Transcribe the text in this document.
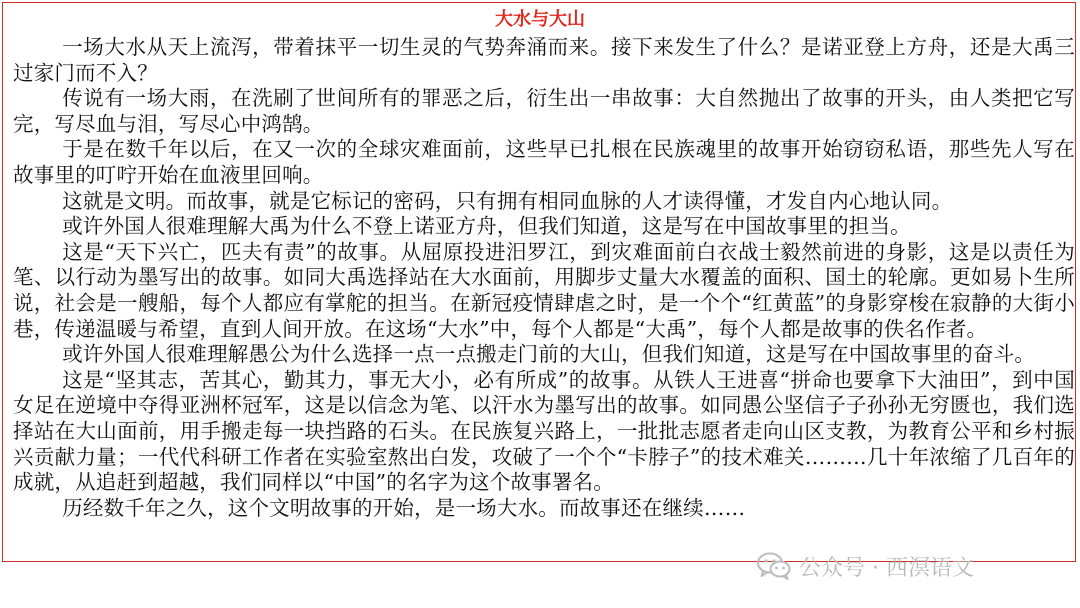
大水与大山

一场大水从天上流泻，带着抹平一切生灵的气势奔涌而来。接下来发生了什么？是诺亚登上方舟，还是大禹三过家门而不入？

传说有一场大雨，在洗刷了世间所有的罪恶之后，衍生出一串故事：大自然抛出了故事的开头，由人类把它写完，写尽血与泪，写尽心中鸿鹄。

于是在数千年以后，在又一次的全球灾难面前，这些早已扎根在民族魂里的故事开始窃窃私语，那些先人写在故事里的叮咛开始在血液里回响。

这就是文明。而故事，就是它标记的密码，只有拥有相同血脉的人才读得懂，才发自内心地认同。

或许外国人很难理解大禹为什么不登上诺亚方舟，但我们知道，这是写在中国故事里的担当。

这是“天下兴亡，匹夫有责”的故事。从屈原投进汨罗江，到灾难面前白衣战士毅然前进的身影，这是以责任为笔、以行动为墨写出的故事。如同大禹选择站在大水面前，用脚步丈量大水覆盖的面积、国土的轮廓。更如易卜生所说，社会是一艘船，每个人都应有掌舵的担当。在新冠疫情肆虐之时，是一个个“红黄蓝”的身影穿梭在寂静的大街小巷，传递温暖与希望，直到人间开放。在这场“大水”中，每个人都是“大禹”，每个人都是故事的佚名作者。

或许外国人很难理解愚公为什么选择一点一点搬走门前的大山，但我们知道，这是写在中国故事里的奋斗。

这是“坚其志，苦其心，勤其力，事无大小，必有所成”的故事。从铁人王进喜“拼命也要拿下大油田”，到中国女足在逆境中夺得亚洲杯冠军，这是以信念为笔、以汗水为墨写出的故事。如同愚公坚信子子孙孙无穷匮也，我们选择站在大山面前，用手搬走每一块挡路的石头。在民族复兴路上，一批批志愿者走向山区支教，为教育公平和乡村振兴贡献力量；一代代科研工作者在实验室熬出白发，攻破了一个个“卡脖子”的技术难关………几十年浓缩了几百年的成就，从追赶到超越，我们同样以“中国”的名字为这个故事署名。

历经数千年之久，这个文明故事的开始，是一场大水。而故事还在继续……

公众号 · 西溟语文
